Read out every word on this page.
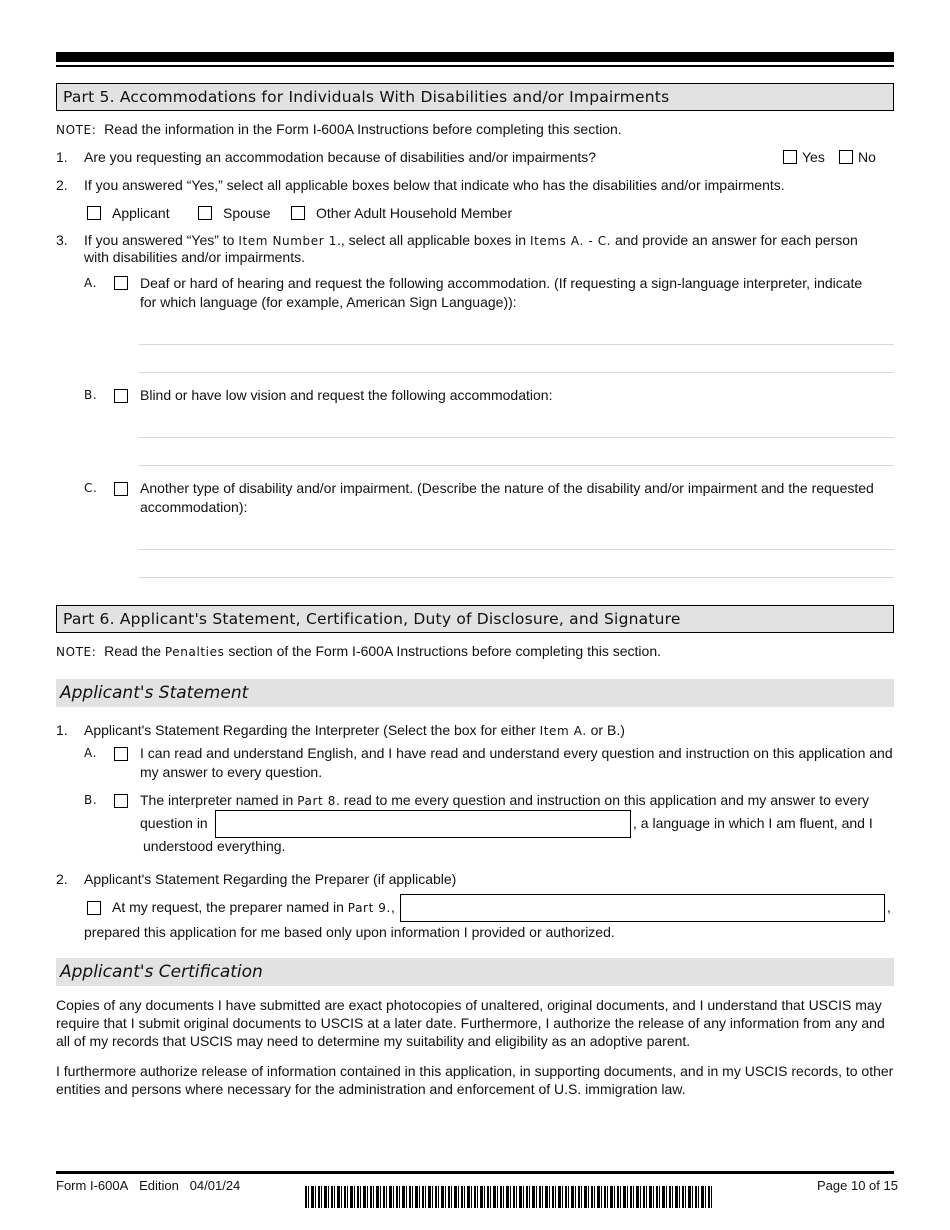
Part 5. Accommodations for Individuals With Disabilities and/or Impairments
NOTE: Read the information in the Form I-600A Instructions before completing this section.
1. Are you requesting an accommodation because of disabilities and/or impairments?	Yes No
2. If you answered “Yes,” select all applicable boxes below that indicate who has the disabilities and/or impairments.
Applicant	Spouse	Other Adult Household Member
3. If you answered “Yes” to Item Number 1., select all applicable boxes in Items A. - C. and provide an answer for each person
with disabilities and/or impairments.
A.	Deaf or hard of hearing and request the following accommodation. (If requesting a sign-language interpreter, indicate
for which language (for example, American Sign Language)):
B.	Blind or have low vision and request the following accommodation:
C.	Another type of disability and/or impairment. (Describe the nature of the disability and/or impairment and the requested
accommodation):
Part 6. Applicant's Statement, Certification, Duty of Disclosure, and Signature
NOTE: Read the Penalties section of the Form I-600A Instructions before completing this section.
Applicant's Statement
1. Applicant's Statement Regarding the Interpreter (Select the box for either Item A. or B.)
A.	I can read and understand English, and I have read and understand every question and instruction on this application and
my answer to every question.
B.	The interpreter named in Part 8. read to me every question and instruction on this application and my answer to every
question in	, a language in which I am fluent, and I
understood everything.
2. Applicant's Statement Regarding the Preparer (if applicable)
At my request, the preparer named in Part 9.,	,
prepared this application for me based only upon information I provided or authorized.
Applicant's Certification
Copies of any documents I have submitted are exact photocopies of unaltered, original documents, and I understand that USCIS may require that I submit original documents to USCIS at a later date. Furthermore, I authorize the release of any information from any and all of my records that USCIS may need to determine my suitability and eligibility as an adoptive parent.
I furthermore authorize release of information contained in this application, in supporting documents, and in my USCIS records, to other entities and persons where necessary for the administration and enforcement of U.S. immigration law.
Form I-600A Edition 04/01/24	Page 10 of 15
